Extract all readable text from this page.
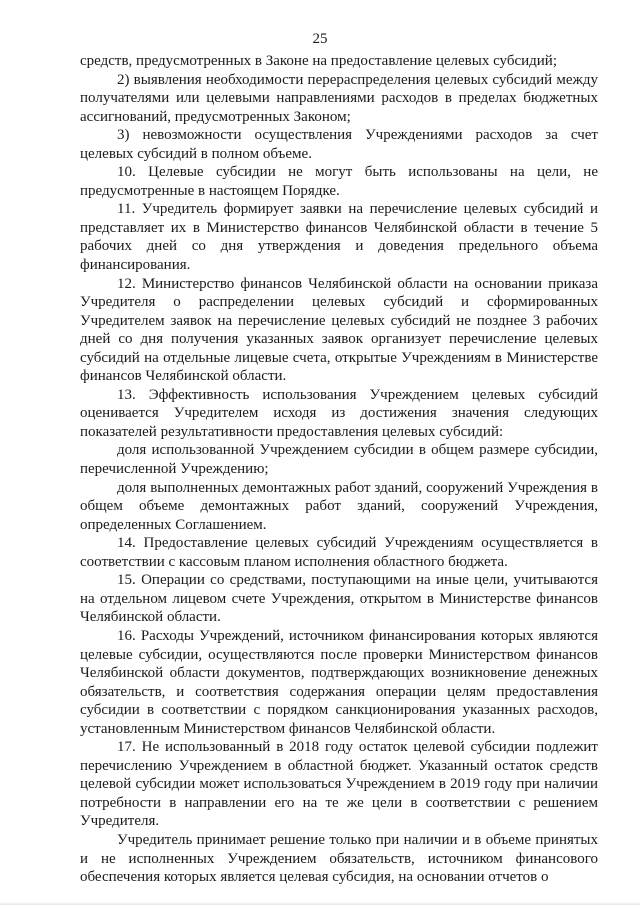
25

средств, предусмотренных в Законе на предоставление целевых субсидий;

2) выявления необходимости перераспределения целевых субсидий между получателями или целевыми направлениями расходов в пределах бюджетных ассигнований, предусмотренных Законом;

3) невозможности осуществления Учреждениями расходов за счет целевых субсидий в полном объеме.

10. Целевые субсидии не могут быть использованы на цели, не предусмотренные в настоящем Порядке.

11. Учредитель формирует заявки на перечисление целевых субсидий и представляет их в Министерство финансов Челябинской области в течение 5 рабочих дней со дня утверждения и доведения предельного объема финансирования.

12. Министерство финансов Челябинской области на основании приказа Учредителя о распределении целевых субсидий и сформированных Учредителем заявок на перечисление целевых субсидий не позднее 3 рабочих дней со дня получения указанных заявок организует перечисление целевых субсидий на отдельные лицевые счета, открытые Учреждениям в Министерстве финансов Челябинской области.

13. Эффективность использования Учреждением целевых субсидий оценивается Учредителем исходя из достижения значения следующих показателей результативности предоставления целевых субсидий:

доля использованной Учреждением субсидии в общем размере субсидии, перечисленной Учреждению;

доля выполненных демонтажных работ зданий, сооружений Учреждения в общем объеме демонтажных работ зданий, сооружений Учреждения, определенных Соглашением.

14. Предоставление целевых субсидий Учреждениям осуществляется в соответствии с кассовым планом исполнения областного бюджета.

15. Операции со средствами, поступающими на иные цели, учитываются на отдельном лицевом счете Учреждения, открытом в Министерстве финансов Челябинской области.

16. Расходы Учреждений, источником финансирования которых являются целевые субсидии, осуществляются после проверки Министерством финансов Челябинской области документов, подтверждающих возникновение денежных обязательств, и соответствия содержания операции целям предоставления субсидии в соответствии с порядком санкционирования указанных расходов, установленным Министерством финансов Челябинской области.

17. Не использованный в 2018 году остаток целевой субсидии подлежит перечислению Учреждением в областной бюджет. Указанный остаток средств целевой субсидии может использоваться Учреждением в 2019 году при наличии потребности в направлении его на те же цели в соответствии с решением Учредителя.

Учредитель принимает решение только при наличии и в объеме принятых и не исполненных Учреждением обязательств, источником финансового обеспечения которых является целевая субсидия, на основании отчетов о
